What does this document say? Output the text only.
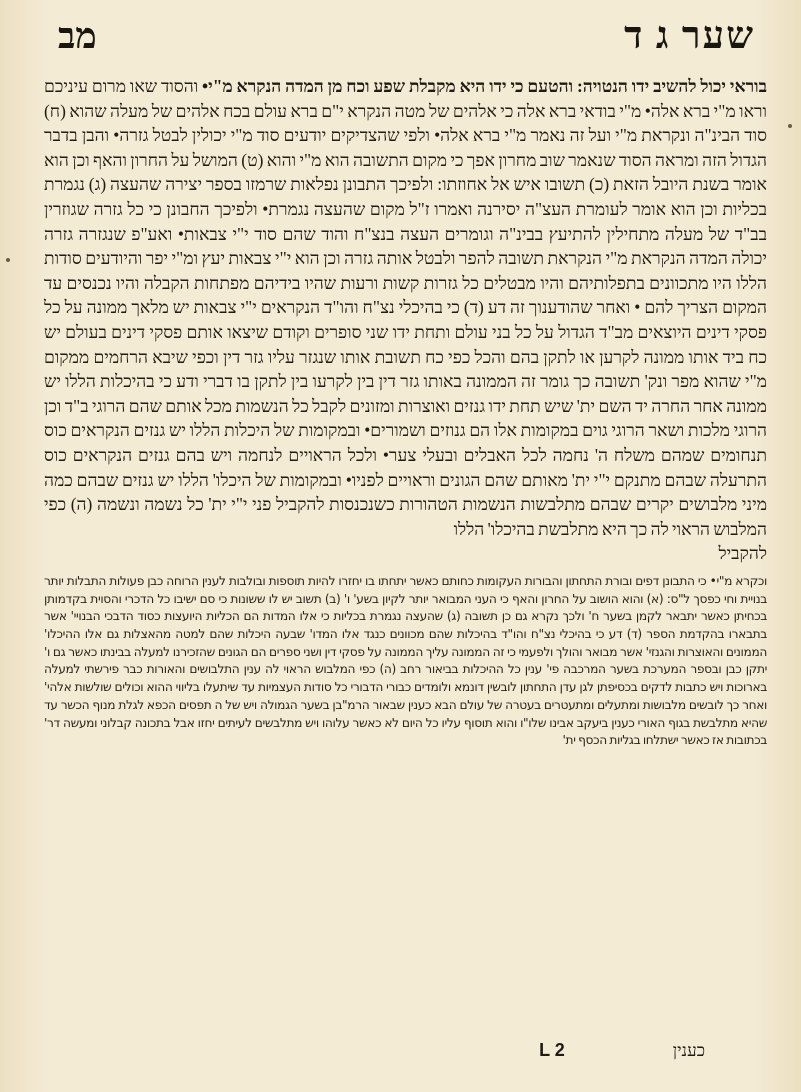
שער ג ד
מב

בוראי יכול להשיב ידו הנטויה: והטעם כי ידו היא מקבלת שפע וכח מן המדה הנקרא מ"י• והסוד שאו מרום עיניכם וראו מ"י ברא אלה• מ"י בודאי ברא אלה כי אלהים של מטה הנקרא י"ם ברא עולם בכח אלהים של מעלה שהוא (ח) סוד הבינ"ה ונקראת מ"י ועל זה נאמר מ"י ברא אלה• ולפי שהצדיקים יודעים סוד מ"י יכולין לבטל גזרה• והבן בדבר הגדול הזה ומראה הסוד שנאמר שוב מחרון אפך כי מקום התשובה הוא מ"י והוא (ט) המושל על החרון והאף וכן הוא אומר בשנת היובל הזאת (כ) תשובו איש אל אחוזתו: ולפיכך התבונן נפלאות שרמזו בספר יצירה שהעצה (ג) נגמרת בכליות וכן הוא אומר לעומרת העצ"ה יסירנה ואמרו ז"ל מקום שהעצה נגמרת• ולפיכך החבונן כי כל גזרה שגוזרין בב"ד של מעלה מתחילין להתיעץ בבינ"ה וגומרים העצה בנצ"ח והוד שהם סוד י"י צבאות• ואע"פ שנגזרה גזרה יכולה המדה הנקראת מ"י הנקראת תשובה להפר ולבטל אותה גזרה וכן הוא י"י צבאות יעץ ומ"י יפר והיודעים סודות הללו היו מתכוונים בתפלותיהם והיו מבטלים כל גזרות קשות ורעות שהיו בידיהם מפתחות הקבלה והיו נכנסים עד המקום הצריך להם • ואחר שהודענוך זה דע (ד) כי בהיכלי נצ"ח והו"ד הנקראים י"י צבאות יש מלאך ממונה על כל פסקי דינים היוצאים מב"ד הגדול על כל בני עולם ותחת ידו שני סופרים וקודם שיצאו אותם פסקי דינים בעולם יש כח ביד אותו ממונה לקרען או לתקן בהם והכל כפי כח תשובת אותו שנגזר עליו גזר דין וכפי שיבא הרחמים ממקום מ"י שהוא מפר ונק' תשובה כך גומר זה הממונה באותו גזר דין בין לקרעו בין לתקן בו דברי ודע כי בהיכלות הללו יש ממונה אחר החרה יד השם ית' שיש תחת ידו גנזים ואוצרות ומזונים לקבל כל הנשמות מכל אותם שהם הרוגי ב"ד וכן הרוגי מלכות ושאר הרוגי גוים במקומות אלו הם גנוזים ושמורים• ובמקומות של היכלות הללו יש גנזים הנקראים כוס תנחומים שמהם משלח ה' נחמה לכל האבלים ובעלי צער• ולכל הראויים לנחמה ויש בהם גנזים הנקראים כוס התרעלה שבהם מתנקם י"י ית' מאותם שהם הגונים וראויים לפניו• ובמקומות של היכלו' הללו יש גנזים שבהם כמה מיני מלבושים יקרים שבהם מתלבשות הנשמות הטהורות כשנכנסות להקביל פני י"י ית' כל נשמה ונשמה (ה) כפי המלבוש הראוי לה כך היא מתלבשת בהיכלו' הללו

להקביל

וכקרא מ"י• כי התבונן דפים ובורת התחתון והבורות העקומות כחותם כאשר יתחתו בו יחזרו להיות תוספות ובולבות לענין הרוחה כבן פעולות התבלות יותר בנויית וחי כפסך ל"ס: (א) והוא הושוב על החרון והאף כי העני המבואר יותר לקיון בשע' ו' (ב) תשוב יש לו ששונות כי סם ישיבו כל הדכרי והסוית בקדמותן בכחיתן כאשר יתבאר לקמן בשער ח' ולכך נקרא גם כן תשובה (ג) שהעצה נגמרת בכליות כי אלו המדות הם הכליות היועצות כסוד הדבכי הבנויי' אשר בתבארו בהקדמת הספר (ד) דע כי בהיכלי נצ"ח והו"ד בהיכלות שהם מכוונים כנגד אלו המדו' שבעה היכלות שהם למטה מהאצלות גם אלו ההיכלו' הממונים והאוצרות והגנזי' אשר מבואר והולך ולפעמי כי זה הממונה עליך הממונה על פסקי דין ושני ספרים הם הגונים שהזכירנו למעלה בבינתו כאשר גם ו' יתקן כבן ובספר המערכת בשער המרכבה פי' ענין כל ההיכלות בביאור רחב (ה) כפי המלבוש הראוי לה ענין התלבושים והאורות כבר פירשתי למעלה בארוכות ויש כתבות לדקים בכסיפתן לגן עדן התחתון לובשין דונמא ולומדים כבורי הדבורי כל סודות העצמיות עד שיתעלו בליווי ההוא וכולים שולשות אלהי' ואחר כך לובשים מלבושות ומתעלים ומתעטרים בעטרה של עולם הבא כענין שבאור הרמ"בן בשער הגמולה ויש של ה תפסים הכפא לגלת מנוף הכשר עד שהיא מתלבשת בגוף האורי כענין ביעקב אבינו שלו"ו והוא תוסוף עליו כל היום לא כאשר עלוהו ויש מתלבשים לעיתים יחזו אבל בתכונה קבלוני ומעשה דר' בכתובות אז כאשר ישתלחו בגליות הכסף ית'

כענין
L 2
